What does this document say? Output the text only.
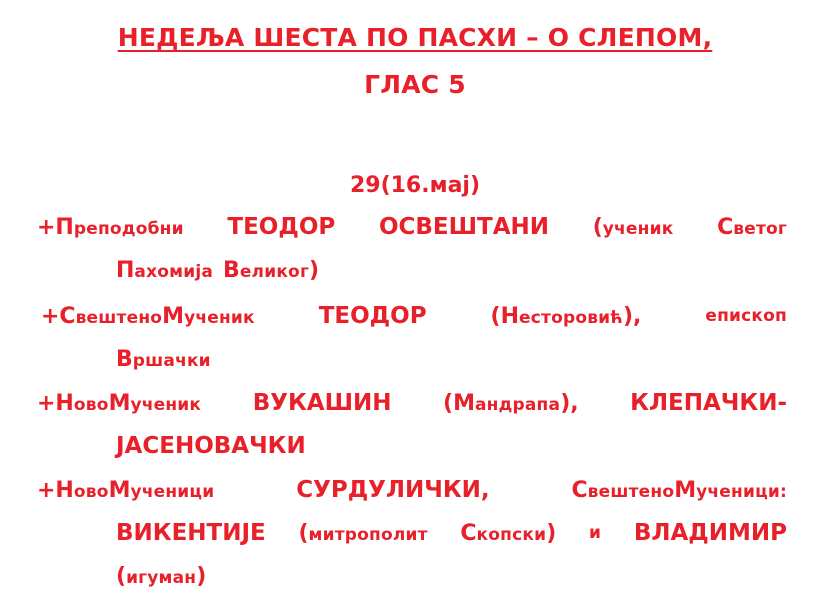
НЕДЕЉА ШЕСТА ПО ПАСХИ – О СЛЕПОМ,
ГЛАС 5
29(16.мај)
+Преподобни ТЕОДОР ОСВЕШТАНИ (ученик Светог
Пахомија Великог)
+СвештеноМученик	ТЕОДОР	(Несторовић),	епископ
Вршачки
+НовоМученик ВУКАШИН (Мандрапа), КЛЕПАЧКИ-
ЈАСЕНОВАЧКИ
+НовоМученици	СУРДУЛИЧКИ,	СвештеноМученици:
ВИКЕНТИЈЕ (митрополит Скопски) и ВЛАДИМИР
(игуман)
